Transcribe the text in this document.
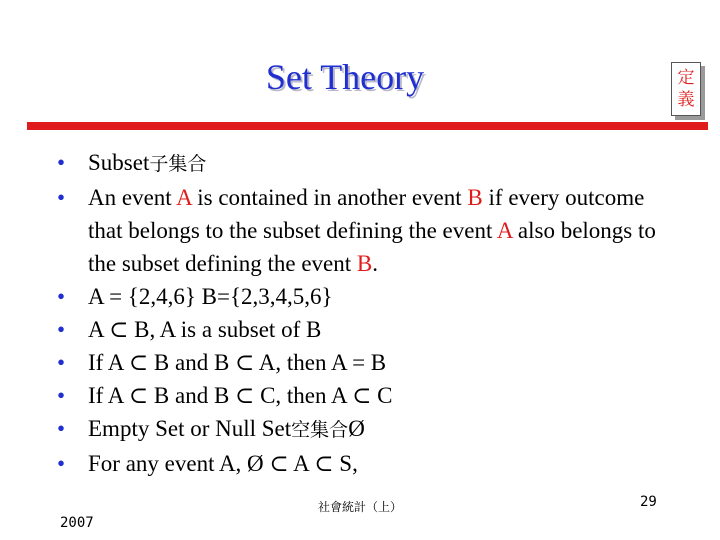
Set Theory	定
義
• Subset子集合
• An event A is contained in another event B if every outcome that belongs to the subset defining the event A also belongs to the subset defining the event B.
• A = {2,4,6} B={2,3,4,5,6}
• A ⊂ B, A is a subset of B
• If A ⊂ B and B ⊂ A, then A = B
• If A ⊂ B and B ⊂ C, then A ⊂ C
• Empty Set or Null Set空集合Ø
• For any event A, Ø ⊂ A ⊂ S,
社會統計（上）	29
2007
